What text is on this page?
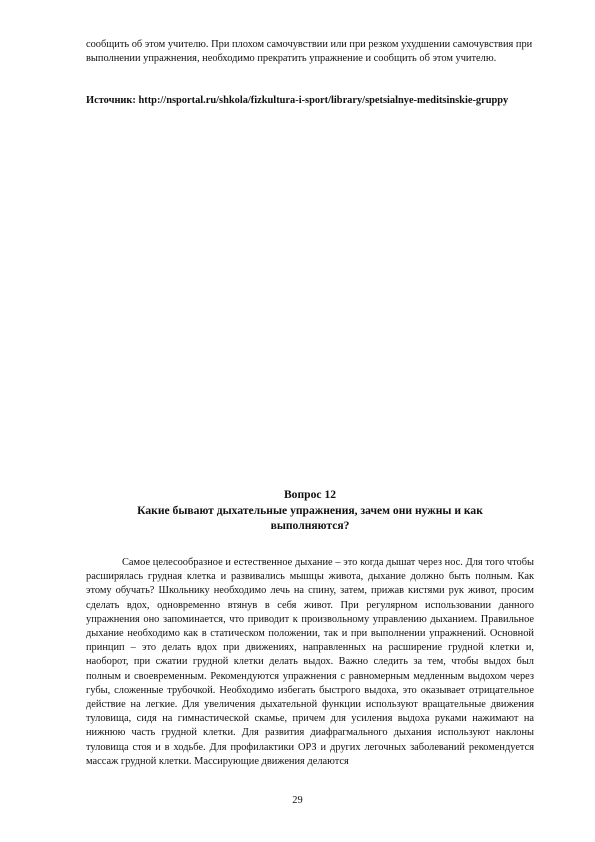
сообщить об этом учителю. При плохом самочувствии или при резком ухудшении самочувствия при выполнении упражнения, необходимо прекратить упражнение и сообщить об этом учителю.

Источник: http://nsportal.ru/shkola/fizkultura-i-sport/library/spetsialnye-meditsinskie-gruppy

Вопрос 12
Какие бывают дыхательные упражнения, зачем они нужны и как выполняются?

Самое целесообразное и естественное дыхание – это когда дышат через нос. Для того чтобы расширялась грудная клетка и развивались мышцы живота, дыхание должно быть полным. Как этому обучать? Школьнику необходимо лечь на спину, затем, прижав кистями рук живот, просим сделать вдох, одновременно втянув в себя живот. При регулярном использовании данного упражнения оно запоминается, что приводит к произвольному управлению дыханием. Правильное дыхание необходимо как в статическом положении, так и при выполнении упражнений. Основной принцип – это делать вдох при движениях, направленных на расширение грудной клетки и, наоборот, при сжатии грудной клетки делать выдох. Важно следить за тем, чтобы выдох был полным и своевременным. Рекомендуются упражнения с равномерным медленным выдохом через губы, сложенные трубочкой. Необходимо избегать быстрого выдоха, это оказывает отрицательное действие на легкие. Для увеличения дыхательной функции используют вращательные движения туловища, сидя на гимнастической скамье, причем для усиления выдоха руками нажимают на нижнюю часть грудной клетки. Для развития диафрагмального дыхания используют наклоны туловища стоя и в ходьбе. Для профилактики ОРЗ и других легочных заболеваний рекомендуется массаж грудной клетки. Массирующие движения делаются

29
